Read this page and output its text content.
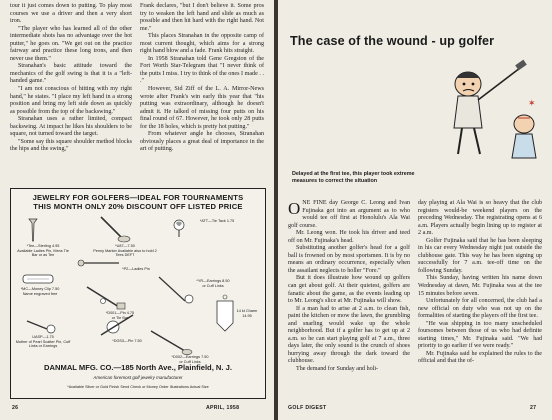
tour it just comes down to putting. To play most courses we use a driver and then a very short iron.

"The player who has learned all of the other intermediate shots has no advantage over the hot putter," he goes on. "We get out on the practice fairway and practice these long irons, and then never use them."

Stranahan's basic attitude toward the mechanics of the golf swing is that it is a "left-handed game."

"I am not conscious of hitting with my right hand," he states. "I place my left hand in a strong position and bring my left side down as quickly as possible from the top of the backswing."

Stranahan uses a rather limited, compact backswing. At impact he likes his shoulders to be square, not turned toward the target.

"Some say this square shoulder method blocks the hips and the swing,"

Frank declares, "but I don't believe it. Some pros try to weaken the left hand and slide as much as possible and then hit hard with the right hand. Not me."

This places Stranahan in the opposite camp of most current thought, which aims for a strong right hand blow and a fade. Frank hits straight.

In 1958 Stranahan told Gene Gregston of the Fort Worth Star-Telegram that "I never think of the putts I miss. I try to think of the ones I made . . ."

However, Sid Ziff of the L. A. Mirror-News wrote after Frank's win early this year that "his putting was extraordinary, although he doesn't admit it. He talked of missing four putts on his final round of 67. However, he took only 28 putts for the 18 holes, which is pretty hot putting."

From whatever angle he chooses, Stranahan obviously places a great deal of importance in the art of putting.

JEWELRY FOR GOLFERS—IDEAL FOR TOURNAMENTS
THIS MONTH ONLY 20% DISCOUNT OFF LISTED PRICE
*Tee—Sterling 4.95
Available Ladies Pin, Mens Tie Bar or as Tee
*U87—7.50
Penny Marker Available also to hold 2 Tees DEFT
*ATT—Tie Tack 1.75
*P2—Ladies Pin
*MC—Money Clip 7.50
Name engraved free
*D001—Pin 4.75
or Tie Bar
*YR—Earrings 8.50
or Cuff Links
UASP—1.75
Mother of Pearl Scatter Pin, Cuff Links or Earrings
*DGS3—Pin 7.50
*D002—Earrings 7.50
or Cuff Links
14 kt Charm 14.95
DANMAL MFG. CO.—185 North Ave., Plainfield, N. J.
American foremost golf jewelry manufacturer
*Available Silver or Gold Finish Send Check or Money Order Illustrations Actual Size
26	APRIL, 1958
The case of the wound - up golfer
✶
Delayed at the first tee, this player took extreme measures to correct the situation

ONE FINE day George C. Leong and Ivan Fujinaka got into an argument as to who would tee off first at Honolulu's Ala Wai golf course.

Mr. Leong won. He took his driver and teed off on Mr. Fujinaka's head.

Substituting another golfer's head for a golf ball is frowned on by most sportsmen. It is by no means an ordinary occurrence, especially when the assailant neglects to holler "Fore."

But it does illustrate how wound up golfers can get about golf. At their quietest, golfers are fanatic about the game, as the events leading up to Mr. Leong's slice at Mr. Fujinaka will show.

If a man had to arise at 2 a.m. to clean fish, paint the kitchen or mow the lawn, the grumbling and snarling would wake up the whole neighborhood. But if a golfer has to get up at 2 a.m. so he can start playing golf at 7 a.m., three days later, the only sound is the crunch of shoes hurrying away through the dark toward the clubhouse.

The demand for Sunday and holi-

day playing at Ala Wai is so heavy that the club registers would-be weekend players on the preceding Wednesday. The registrating opens at 6 a.m. Players actually begin lining up to register at 2 a.m.

Golfer Fujinaka said that he has been sleeping in his car every Wednesday night just outside the clubhouse gate. This way he has been signing up successfully for 7 a.m. tee-off time on the following Sunday.

This Sunday, having written his name down Wednesday at dawn, Mr. Fujinaka was at the tee 15 minutes before seven.

Unfortunately for all concerned, the club had a new official on duty who was not up on the formalities of starting the players off the first tee.

"He was shipping in too many unscheduled foursomes between those of us who had definite starting times," Mr. Fujinaka said. "We had priority to go earlier if we were ready."

Mr. Fujinaka said he explained the rules to the official and that the of-

GOLF DIGEST	27
